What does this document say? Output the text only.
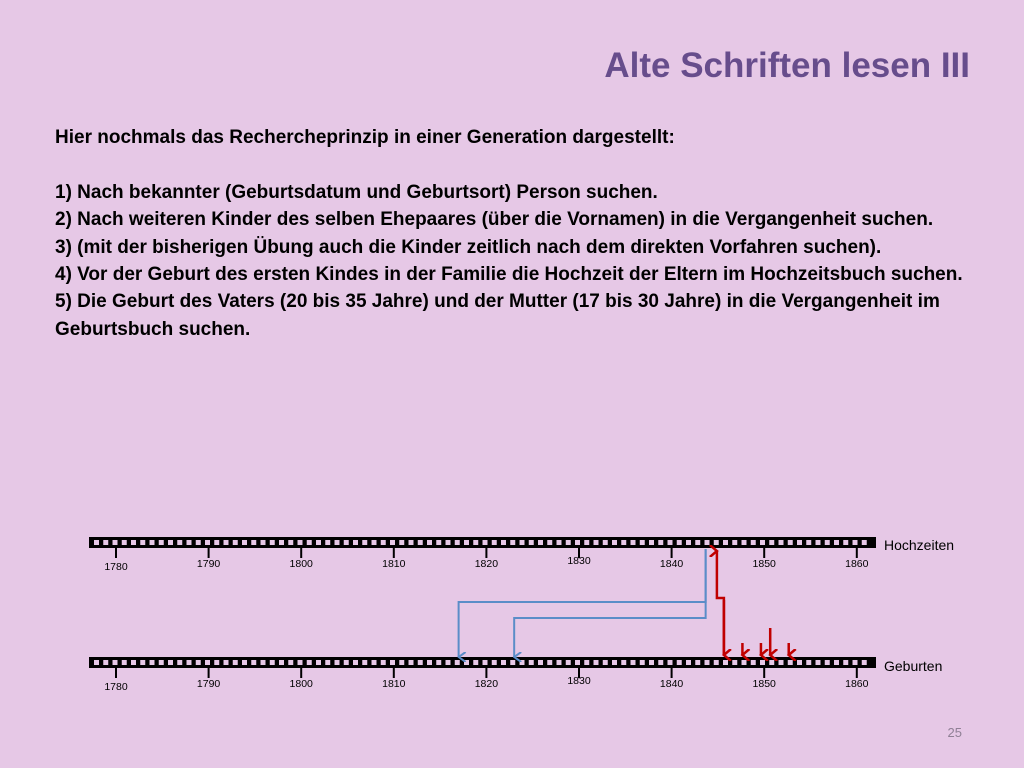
Alte Schriften lesen III

Hier nochmals das Rechercheprinzip in einer Generation dargestellt:

1) Nach bekannter (Geburtsdatum und Geburtsort) Person suchen.

2) Nach weiteren Kinder des selben Ehepaares (über die Vornamen) in die Vergangenheit suchen.

3) (mit der bisherigen Übung auch die Kinder zeitlich nach dem direkten Vorfahren suchen).

4) Vor der Geburt des ersten Kindes in der Familie die Hochzeit der Eltern im Hochzeitsbuch suchen.

5) Die Geburt des Vaters (20 bis 35 Jahre) und der Mutter (17 bis 30 Jahre) in die Vergangenheit im Geburtsbuch suchen.

1780	1790	1800	1810	1820	1830	1840	1850	1860
1780	1790	1800	1810	1820	1830	1840	1850	1860
Hochzeiten
Geburten
25
